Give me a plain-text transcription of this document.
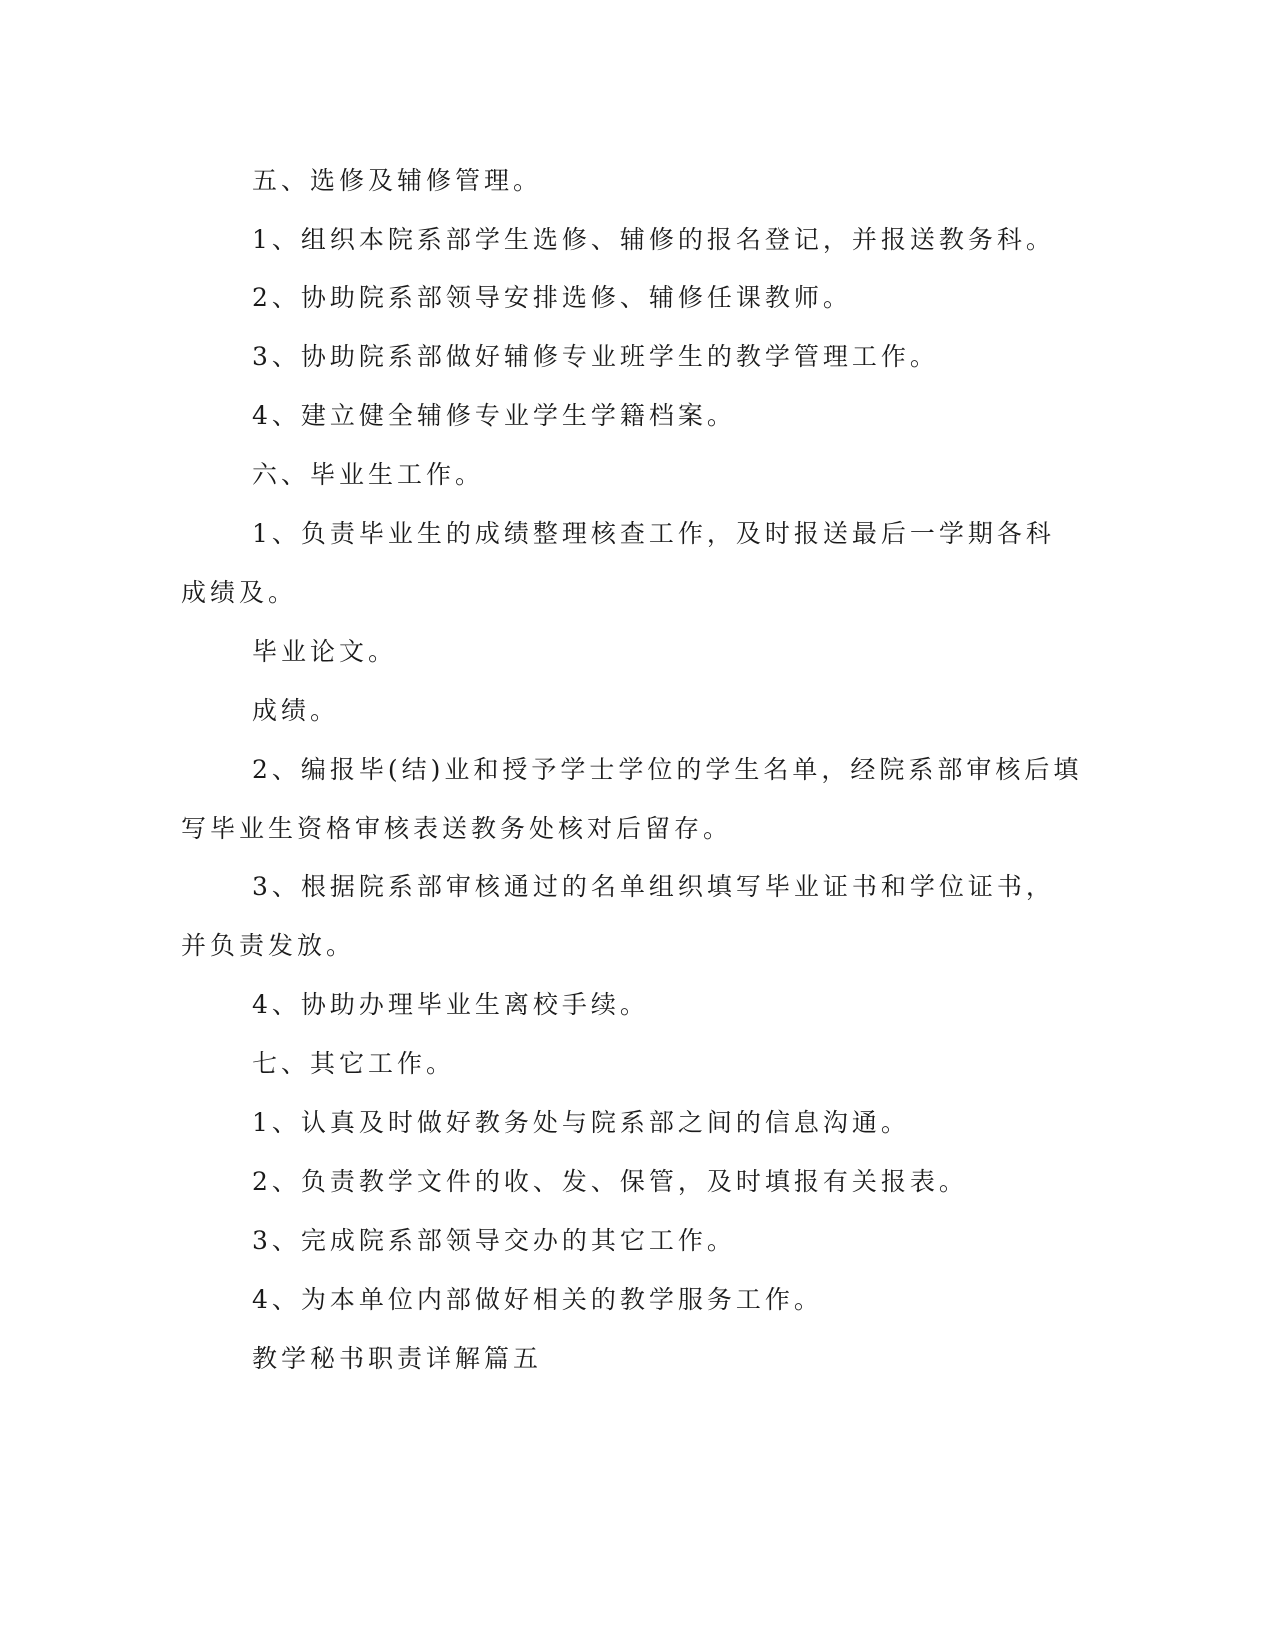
五、选修及辅修管理。
1、组织本院系部学生选修、辅修的报名登记，并报送教务科。
2、协助院系部领导安排选修、辅修任课教师。
3、协助院系部做好辅修专业班学生的教学管理工作。
4、建立健全辅修专业学生学籍档案。
六、毕业生工作。
1、负责毕业生的成绩整理核查工作，及时报送最后一学期各科
成绩及。
毕业论文。
成绩。
2、编报毕(结)业和授予学士学位的学生名单，经院系部审核后填
写毕业生资格审核表送教务处核对后留存。
3、根据院系部审核通过的名单组织填写毕业证书和学位证书，
并负责发放。
4、协助办理毕业生离校手续。
七、其它工作。
1、认真及时做好教务处与院系部之间的信息沟通。
2、负责教学文件的收、发、保管，及时填报有关报表。
3、完成院系部领导交办的其它工作。
4、为本单位内部做好相关的教学服务工作。
教学秘书职责详解篇五
